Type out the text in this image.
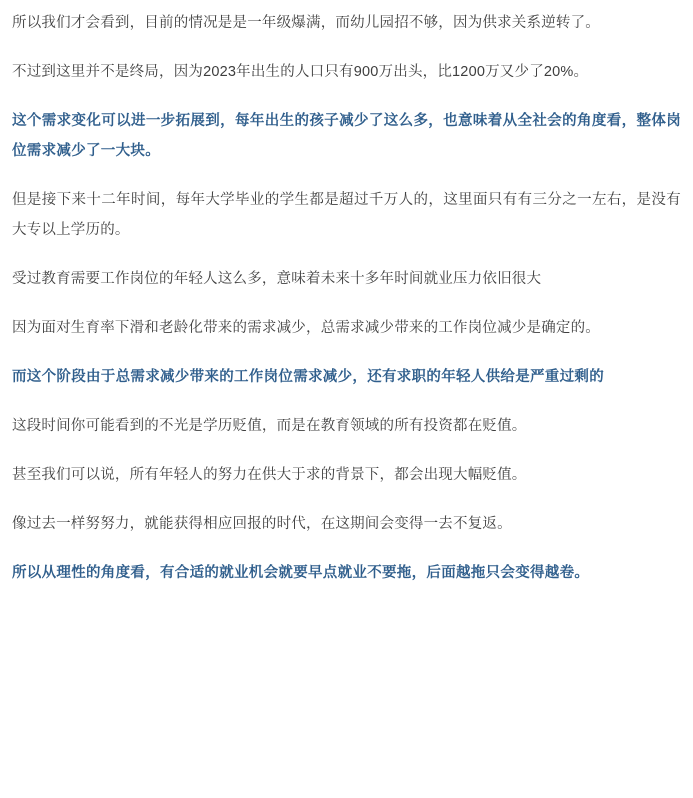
所以我们才会看到，目前的情况是是一年级爆满，而幼儿园招不够，因为供求关系逆转了。

不过到这里并不是终局，因为2023年出生的人口只有900万出头，比1200万又少了20%。

这个需求变化可以进一步拓展到，每年出生的孩子减少了这么多，也意味着从全社会的角度看，整体岗位需求减少了一大块。

但是接下来十二年时间，每年大学毕业的学生都是超过千万人的，这里面只有有三分之一左右，是没有大专以上学历的。

受过教育需要工作岗位的年轻人这么多，意味着未来十多年时间就业压力依旧很大

因为面对生育率下滑和老龄化带来的需求减少，总需求减少带来的工作岗位减少是确定的。

而这个阶段由于总需求减少带来的工作岗位需求减少，还有求职的年轻人供给是严重过剩的

这段时间你可能看到的不光是学历贬值，而是在教育领域的所有投资都在贬值。

甚至我们可以说，所有年轻人的努力在供大于求的背景下，都会出现大幅贬值。

像过去一样努努力，就能获得相应回报的时代，在这期间会变得一去不复返。

所以从理性的角度看，有合适的就业机会就要早点就业不要拖，后面越拖只会变得越卷。
